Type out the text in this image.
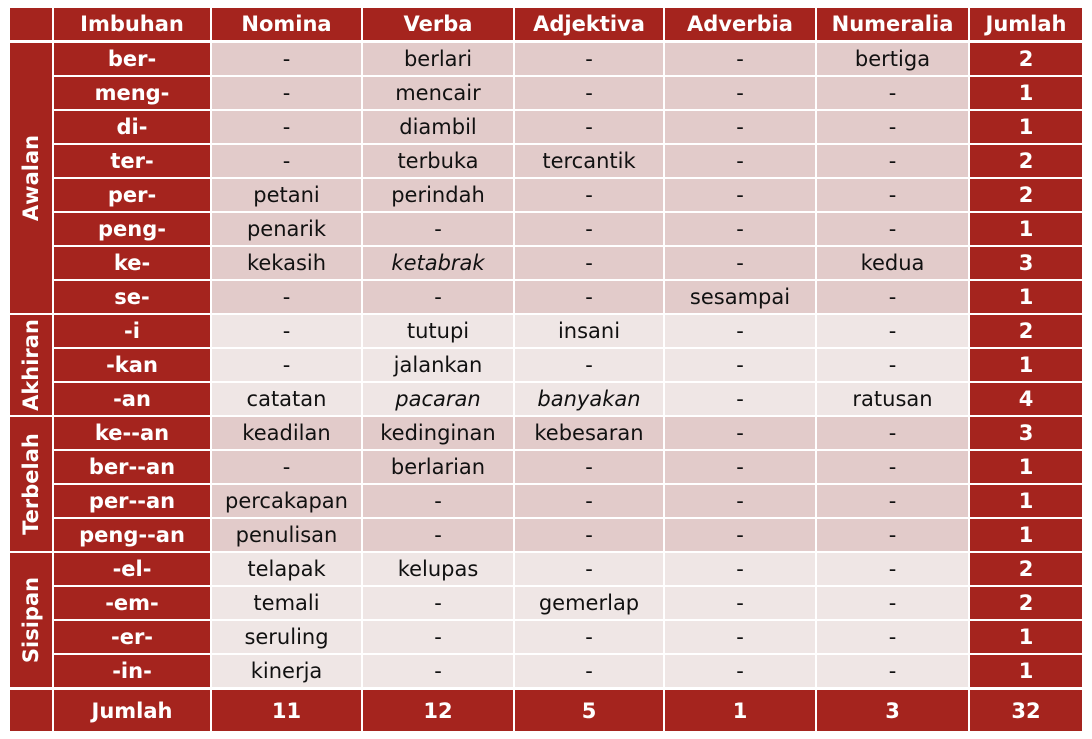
Imbuhan	Nomina	Verba	Adjektiva	Adverbia	Numeralia	Jumlah
Awalan
ber-	-	berlari	-	-	bertiga	2
meng-	-	mencair	-	-	-	1
di-	-	diambil	-	-	-	1
ter-	-	terbuka	tercantik	-	-	2
per-	petani	perindah	-	-	-	2
peng-	penarik	-	-	-	-	1
ke-	kekasih	ketabrak	-	-	kedua	3
se-	-	-	-	sesampai	-	1
Akhiran	-i	-	tutupi	insani	-	-	2
-kan	-	jalankan	-	-	-	1
-an	catatan	pacaran	banyakan	-	ratusan	4
Terbelah
ke--an	keadilan	kedinginan	kebesaran	-	-	3
ber--an	-	berlarian	-	-	-	1
per--an	percakapan	-	-	-	-	1
peng--an	penulisan	-	-	-	-	1
Sisipan
-el-	telapak	kelupas	-	-	-	2
-em-	temali	-	gemerlap	-	-	2
-er-	seruling	-	-	-	-	1
-in-	kinerja	-	-	-	-	1
Jumlah	11	12	5	1	3	32
